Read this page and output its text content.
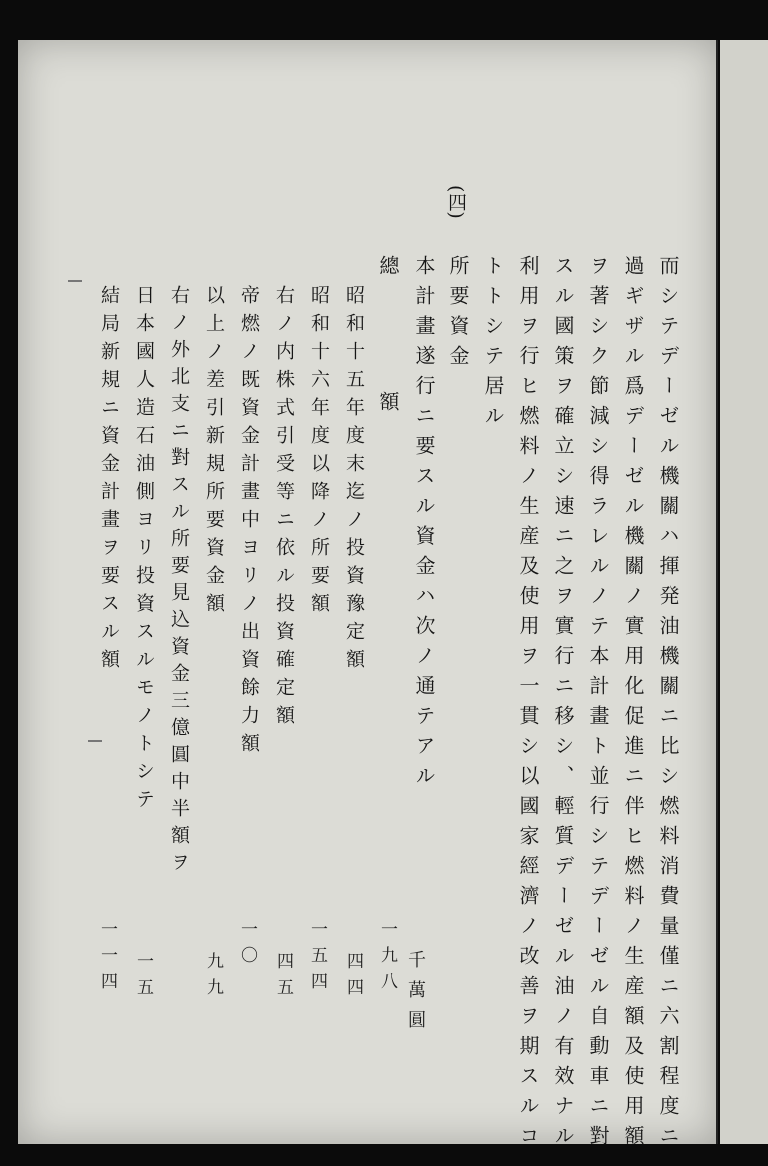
而シテデーゼル機關ハ揮発油機關ニ比シ燃料消費量僅ニ六割程度ニ
過ギザル爲デーゼル機關ノ實用化促進ニ伴ヒ燃料ノ生産額及使用額
ヲ著シク節減シ得ラレルノテ本計畫ト並行シテデーゼル自動車ニ對
スル國策ヲ確立シ速ニ之ヲ實行ニ移シ、輕質デーゼル油ノ有效ナル
利用ヲ行ヒ燃料ノ生産及使用ヲ一貫シ以國家經濟ノ改善ヲ期スルコ
トトシテ居ル
(四)
所要資金
本計畫遂行ニ要スル資金ハ次ノ通テアル
總　　　額
昭和十五年度末迄ノ投資豫定額
昭和十六年度以降ノ所要額
右ノ内株式引受等ニ依ル投資確定額
帝燃ノ既資金計畫中ヨリノ出資餘力額
以上ノ差引新規所要資金額
右ノ外北支ニ對スル所要見込資金三億圓中半額ヲ
日本國人造石油側ヨリ投資スルモノトシテ
結局新規ニ資金計畫ヲ要スル額
千萬圓
一九八
四四
一五四
四五
一〇
九九
一五
一一四
